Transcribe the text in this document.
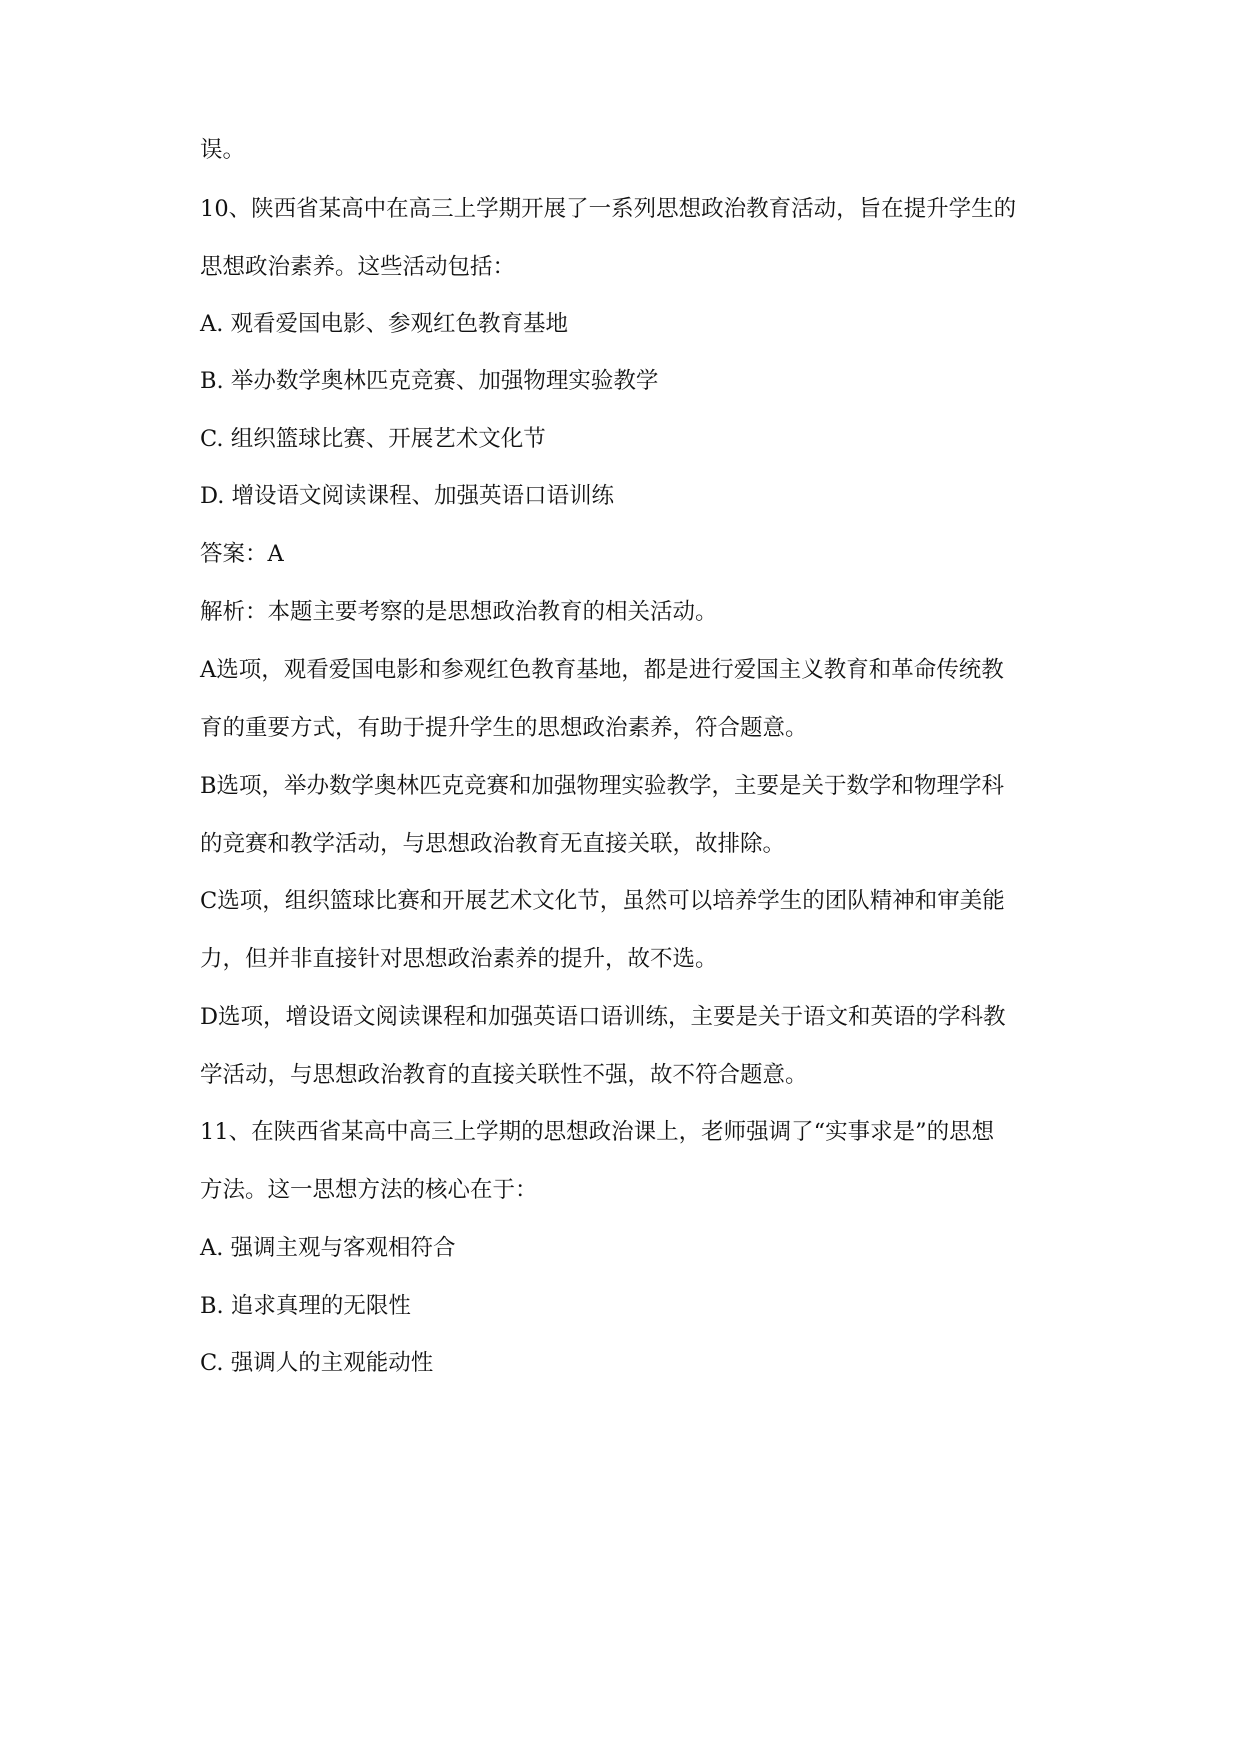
误。

10、陕西省某高中在高三上学期开展了一系列思想政治教育活动，旨在提升学生的

思想政治素养。这些活动包括：

A. 观看爱国电影、参观红色教育基地

B. 举办数学奥林匹克竞赛、加强物理实验教学

C. 组织篮球比赛、开展艺术文化节

D. 增设语文阅读课程、加强英语口语训练

答案：A

解析：本题主要考察的是思想政治教育的相关活动。

A选项，观看爱国电影和参观红色教育基地，都是进行爱国主义教育和革命传统教

育的重要方式，有助于提升学生的思想政治素养，符合题意。

B选项，举办数学奥林匹克竞赛和加强物理实验教学，主要是关于数学和物理学科

的竞赛和教学活动，与思想政治教育无直接关联，故排除。

C选项，组织篮球比赛和开展艺术文化节，虽然可以培养学生的团队精神和审美能

力，但并非直接针对思想政治素养的提升，故不选。

D选项，增设语文阅读课程和加强英语口语训练，主要是关于语文和英语的学科教

学活动，与思想政治教育的直接关联性不强，故不符合题意。

11、在陕西省某高中高三上学期的思想政治课上，老师强调了“实事求是”的思想

方法。这一思想方法的核心在于：

A. 强调主观与客观相符合

B. 追求真理的无限性

C. 强调人的主观能动性
